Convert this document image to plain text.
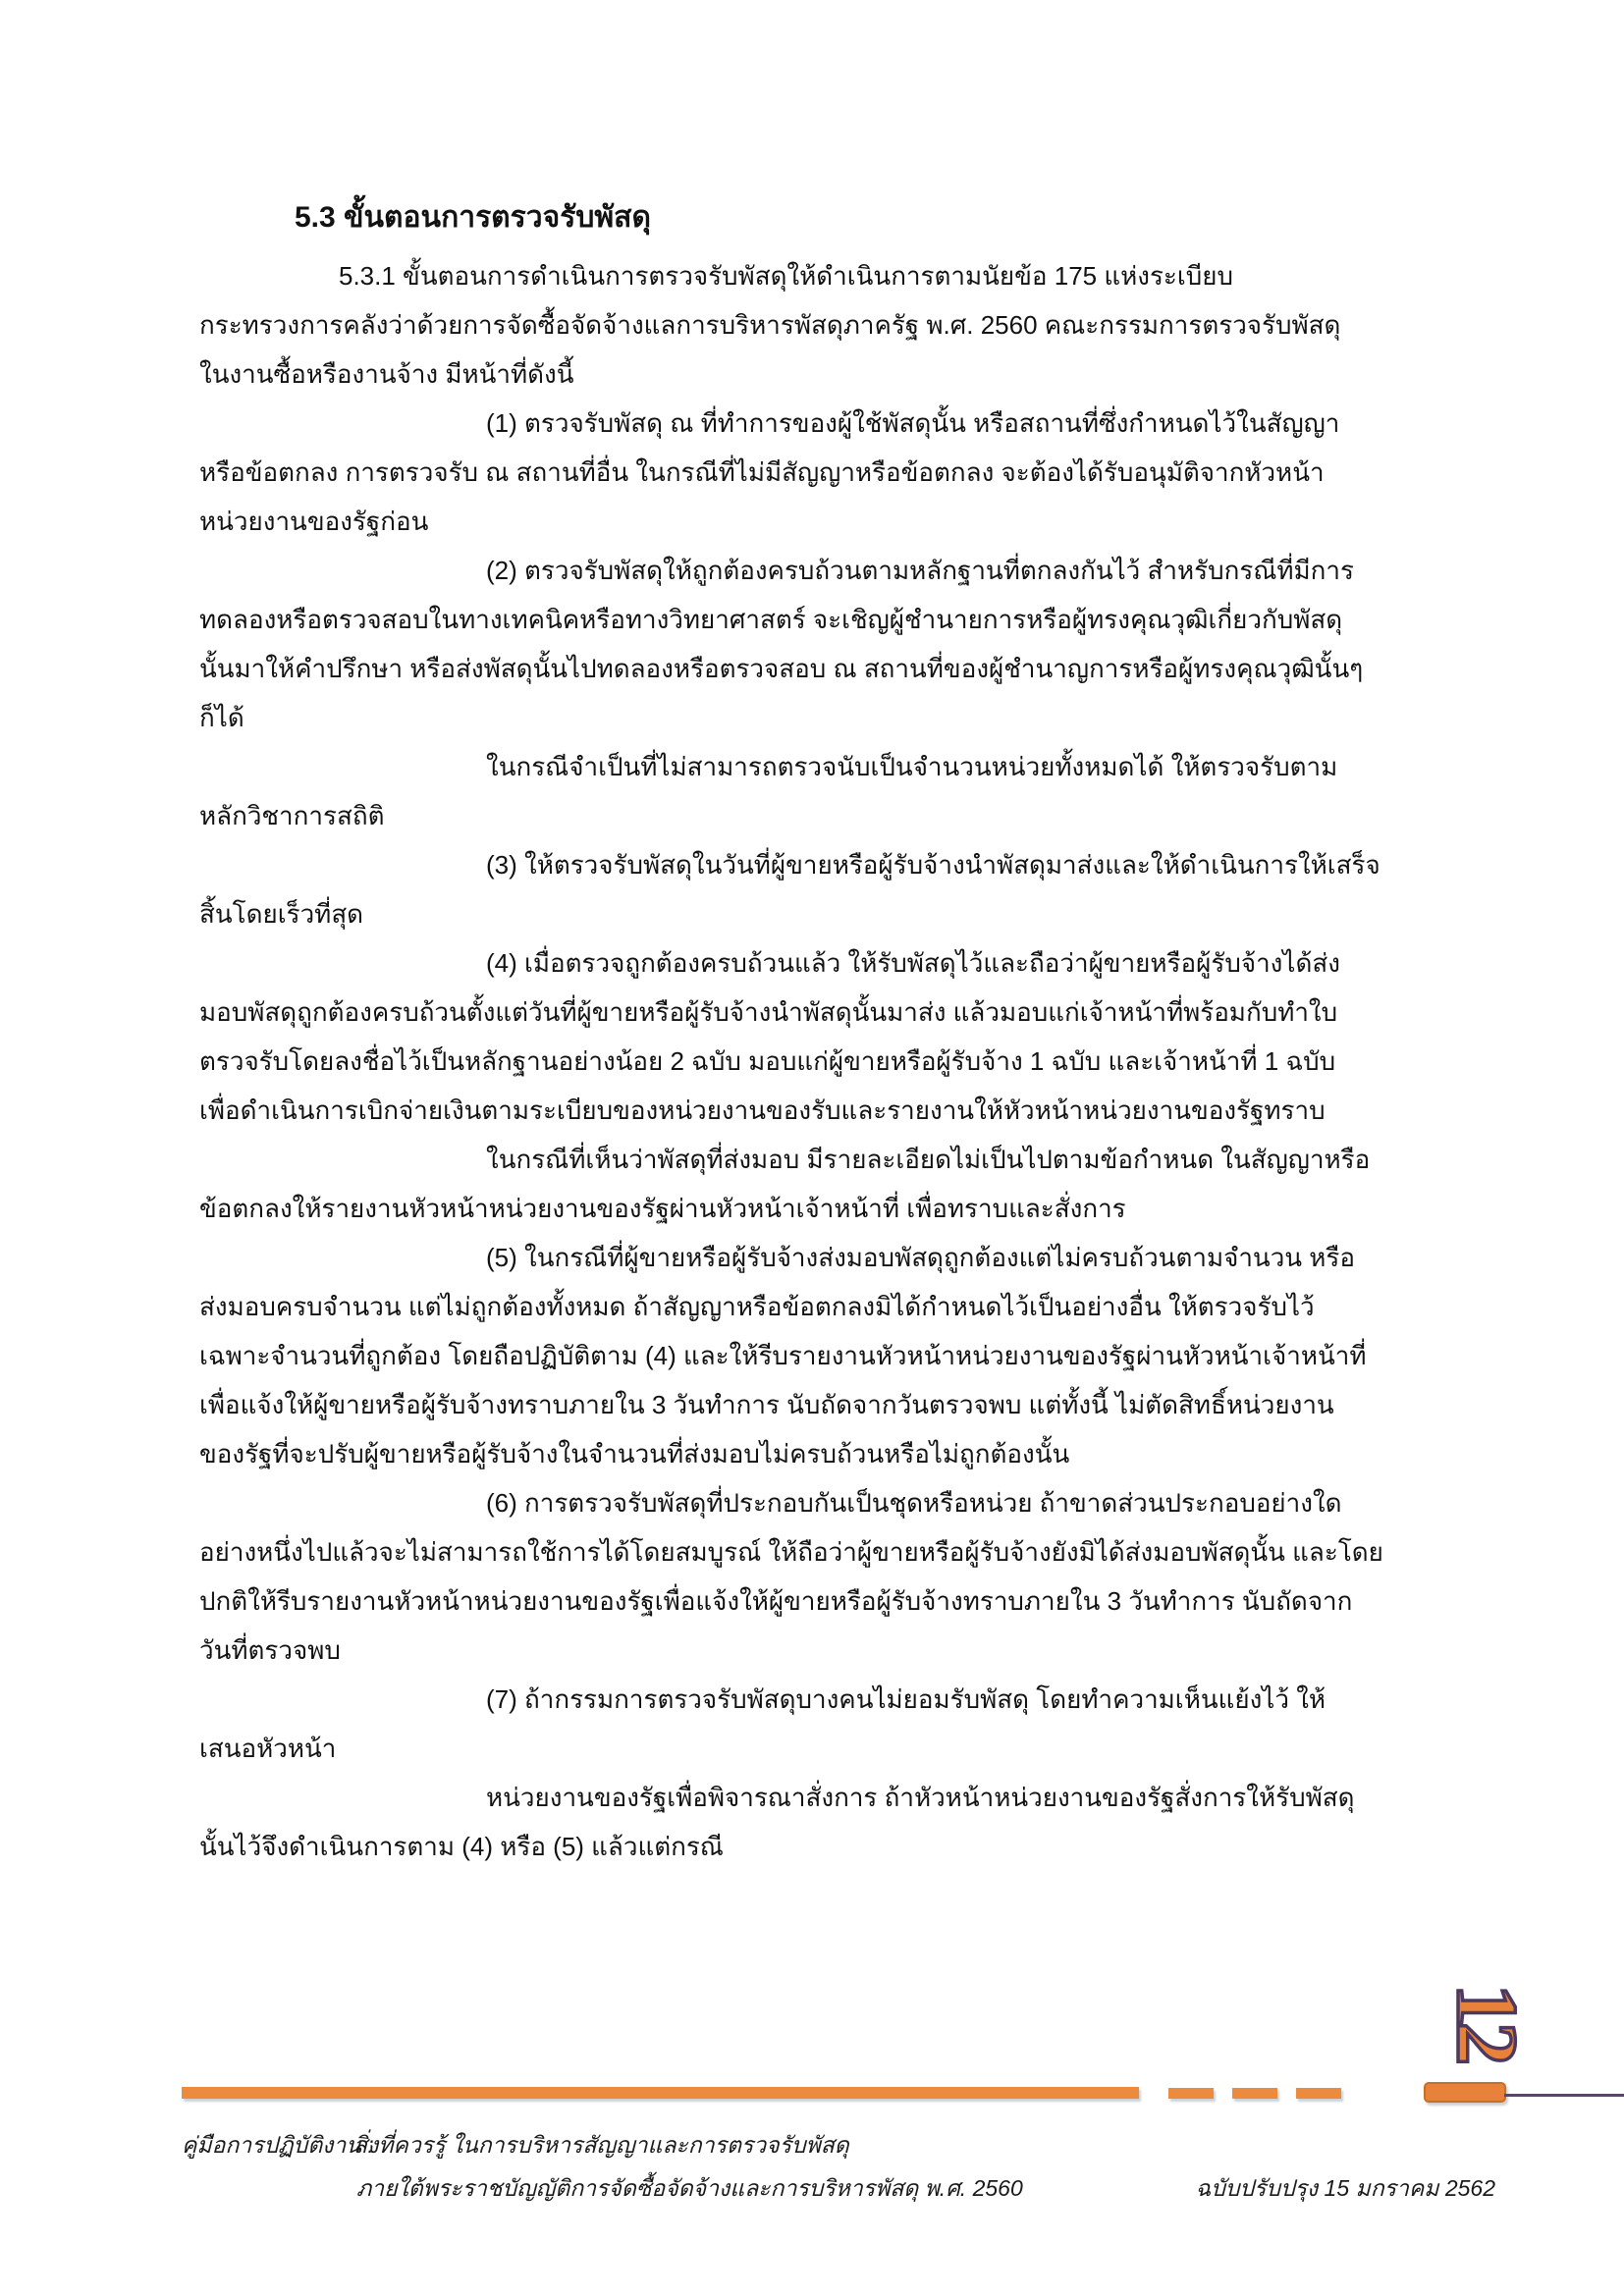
5.3 ขั้นตอนการตรวจรับพัสดุ
5.3.1 ขั้นตอนการดำเนินการตรวจรับพัสดุให้ดำเนินการตามนัยข้อ 175 แห่งระเบียบ
กระทรวงการคลังว่าด้วยการจัดซื้อจัดจ้างแลการบริหารพัสดุภาครัฐ พ.ศ. 2560 คณะกรรมการตรวจรับพัสดุ
ในงานซื้อหรืองานจ้าง มีหน้าที่ดังนี้
(1) ตรวจรับพัสดุ ณ ที่ทำการของผู้ใช้พัสดุนั้น หรือสถานที่ซึ่งกำหนดไว้ในสัญญา
หรือข้อตกลง การตรวจรับ ณ สถานที่อื่น ในกรณีที่ไม่มีสัญญาหรือข้อตกลง จะต้องได้รับอนุมัติจากหัวหน้า
หน่วยงานของรัฐก่อน
(2) ตรวจรับพัสดุให้ถูกต้องครบถ้วนตามหลักฐานที่ตกลงกันไว้ สำหรับกรณีที่มีการ
ทดลองหรือตรวจสอบในทางเทคนิคหรือทางวิทยาศาสตร์ จะเชิญผู้ชำนายการหรือผู้ทรงคุณวุฒิเกี่ยวกับพัสดุ
นั้นมาให้คำปรึกษา หรือส่งพัสดุนั้นไปทดลองหรือตรวจสอบ ณ สถานที่ของผู้ชำนาญการหรือผู้ทรงคุณวุฒินั้นๆ
ก็ได้
ในกรณีจำเป็นที่ไม่สามารถตรวจนับเป็นจำนวนหน่วยทั้งหมดได้ ให้ตรวจรับตาม
หลักวิชาการสถิติ
(3) ให้ตรวจรับพัสดุในวันที่ผู้ขายหรือผู้รับจ้างนำพัสดุมาส่งและให้ดำเนินการให้เสร็จ
สิ้นโดยเร็วที่สุด
(4) เมื่อตรวจถูกต้องครบถ้วนแล้ว ให้รับพัสดุไว้และถือว่าผู้ขายหรือผู้รับจ้างได้ส่ง
มอบพัสดุถูกต้องครบถ้วนตั้งแต่วันที่ผู้ขายหรือผู้รับจ้างนำพัสดุนั้นมาส่ง แล้วมอบแก่เจ้าหน้าที่พร้อมกับทำใบ
ตรวจรับโดยลงชื่อไว้เป็นหลักฐานอย่างน้อย 2 ฉบับ มอบแก่ผู้ขายหรือผู้รับจ้าง 1 ฉบับ และเจ้าหน้าที่ 1 ฉบับ
เพื่อดำเนินการเบิกจ่ายเงินตามระเบียบของหน่วยงานของรับและรายงานให้หัวหน้าหน่วยงานของรัฐทราบ
ในกรณีที่เห็นว่าพัสดุที่ส่งมอบ มีรายละเอียดไม่เป็นไปตามข้อกำหนด ในสัญญาหรือ
ข้อตกลงให้รายงานหัวหน้าหน่วยงานของรัฐผ่านหัวหน้าเจ้าหน้าที่ เพื่อทราบและสั่งการ
(5) ในกรณีที่ผู้ขายหรือผู้รับจ้างส่งมอบพัสดุถูกต้องแต่ไม่ครบถ้วนตามจำนวน หรือ
ส่งมอบครบจำนวน แต่ไม่ถูกต้องทั้งหมด ถ้าสัญญาหรือข้อตกลงมิได้กำหนดไว้เป็นอย่างอื่น ให้ตรวจรับไว้
เฉพาะจำนวนที่ถูกต้อง โดยถือปฏิบัติตาม (4) และให้รีบรายงานหัวหน้าหน่วยงานของรัฐผ่านหัวหน้าเจ้าหน้าที่
เพื่อแจ้งให้ผู้ขายหรือผู้รับจ้างทราบภายใน 3 วันทำการ นับถัดจากวันตรวจพบ แต่ทั้งนี้ ไม่ตัดสิทธิ์หน่วยงาน
ของรัฐที่จะปรับผู้ขายหรือผู้รับจ้างในจำนวนที่ส่งมอบไม่ครบถ้วนหรือไม่ถูกต้องนั้น
(6) การตรวจรับพัสดุที่ประกอบกันเป็นชุดหรือหน่วย ถ้าขาดส่วนประกอบอย่างใด
อย่างหนึ่งไปแล้วจะไม่สามารถใช้การได้โดยสมบูรณ์ ให้ถือว่าผู้ขายหรือผู้รับจ้างยังมิได้ส่งมอบพัสดุนั้น และโดย
ปกติให้รีบรายงานหัวหน้าหน่วยงานของรัฐเพื่อแจ้งให้ผู้ขายหรือผู้รับจ้างทราบภายใน 3 วันทำการ นับถัดจาก
วันที่ตรวจพบ
(7) ถ้ากรรมการตรวจรับพัสดุบางคนไม่ยอมรับพัสดุ โดยทำความเห็นแย้งไว้ ให้
เสนอหัวหน้า
หน่วยงานของรัฐเพื่อพิจารณาสั่งการ ถ้าหัวหน้าหน่วยงานของรัฐสั่งการให้รับพัสดุ
นั้นไว้จึงดำเนินการตาม (4) หรือ (5) แล้วแต่กรณี
12
คู่มือการปฏิบัติงาน :
สิ่งที่ควรรู้ ในการบริหารสัญญาและการตรวจรับพัสดุ
ภายใต้พระราชบัญญัติการจัดซื้อจัดจ้างและการบริหารพัสดุ พ.ศ. 2560	ฉบับปรับปรุง 15 มกราคม 2562
